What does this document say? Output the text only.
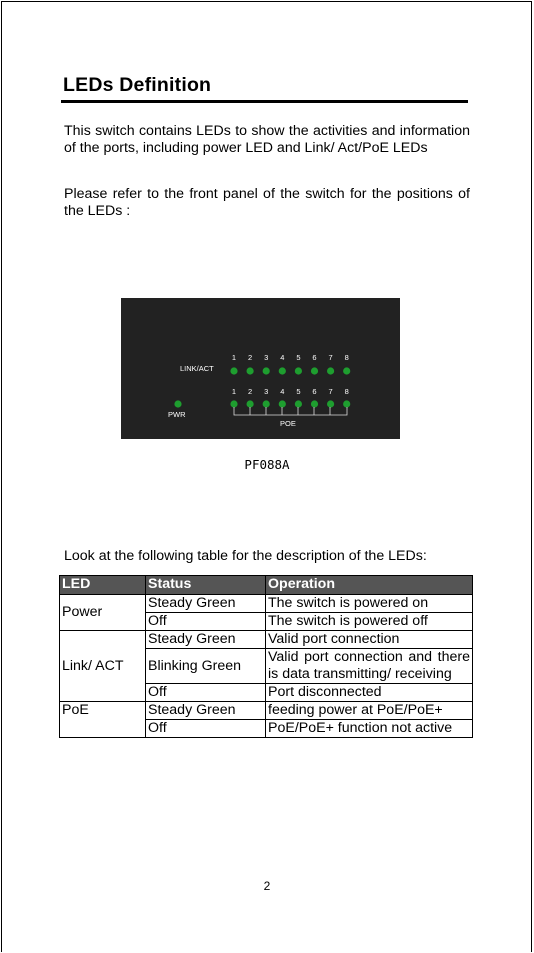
LEDs Definition
This switch contains LEDs to show the activities and information of the ports, including power LED and Link/ Act/PoE LEDs
Please refer to the front panel of the switch for the positions of the LEDs :
1 2 3 4 5 6 7 8
LINK/ACT
1 2 3 4 5 6 7 8
PWR
POE
PF088A
Look at the following table for the description of the LEDs:
LED	Status	Operation
Power	Steady Green	The switch is powered on
	Off	The switch is powered off
Link/ ACT	Steady Green	Valid port connection
	Blinking Green	Valid port connection and there is data transmitting/ receiving
	Off	Port disconnected
PoE	Steady Green	feeding power at PoE/PoE+
	Off	PoE/PoE+ function not active
2
